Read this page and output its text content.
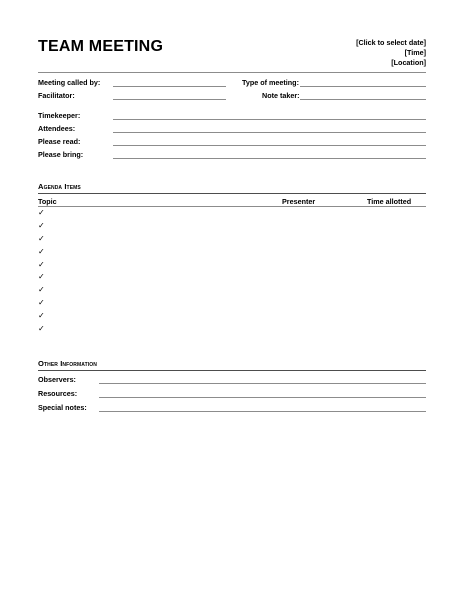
TEAM MEETING	[Click to select date]
[Time]
[Location]
Meeting called by:	Type of meeting:
Facilitator:	Note taker:
Timekeeper:
Attendees:
Please read:
Please bring:
Agenda Items
Topic	Presenter	Time allotted
✓
✓
✓
✓
✓
✓
✓
✓
✓
✓
Other Information
Observers:
Resources:
Special notes:
